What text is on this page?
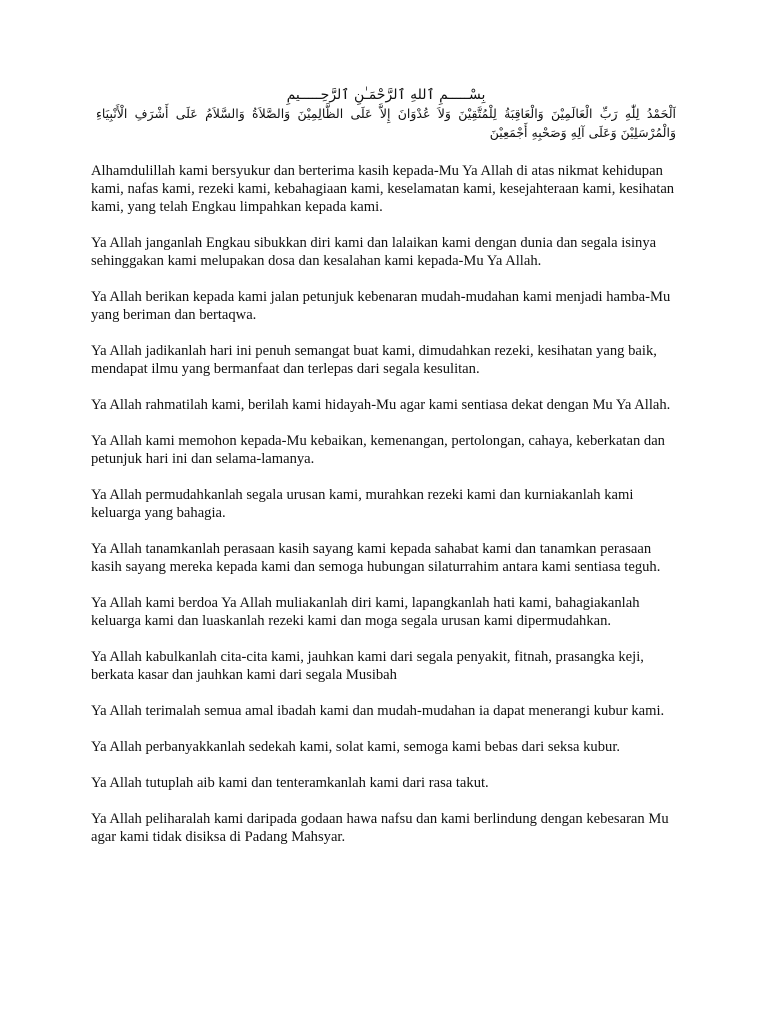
بِسْـــــمِ ٱللهِ ٱلرَّحْمَـٰنِ ٱلرَّحِـــــيمِ

اَلْحَمْدُ لِلّٰهِ رَبِّ الْعَالَمِيْنَ وَالْعَاقِبَةُ لِلْمُتَّقِيْنَ وَلاَ عُدْوَانَ إِلاَّ عَلَى الظَّالِمِيْنَ وَالصَّلاَةُ وَالسَّلاَمُ عَلَى أَشْرَفِ الْأَنْبِيَاءِ وَالْمُرْسَلِيْنَ وَعَلَى آلِهِ وَصَحْبِهِ أَجْمَعِيْنَ

Alhamdulillah kami bersyukur dan berterima kasih kepada-Mu Ya Allah di atas nikmat kehidupan kami, nafas kami, rezeki kami, kebahagiaan kami, keselamatan kami, kesejahteraan kami, kesihatan kami, yang telah Engkau limpahkan kepada kami.

Ya Allah janganlah Engkau sibukkan diri kami dan lalaikan kami dengan dunia dan segala isinya sehinggakan kami melupakan dosa dan kesalahan kami kepada-Mu Ya Allah.

Ya Allah berikan kepada kami jalan petunjuk kebenaran mudah-mudahan kami menjadi hamba-Mu yang beriman dan bertaqwa.

Ya Allah jadikanlah hari ini penuh semangat buat kami, dimudahkan rezeki, kesihatan yang baik, mendapat ilmu yang bermanfaat dan terlepas dari segala kesulitan.

Ya Allah rahmatilah kami, berilah kami hidayah-Mu agar kami sentiasa dekat dengan Mu Ya Allah.

Ya Allah kami memohon kepada-Mu kebaikan, kemenangan, pertolongan, cahaya, keberkatan dan petunjuk hari ini dan selama-lamanya.

Ya Allah permudahkanlah segala urusan kami, murahkan rezeki kami dan kurniakanlah kami keluarga yang bahagia.

Ya Allah tanamkanlah perasaan kasih sayang kami kepada sahabat kami dan tanamkan perasaan kasih sayang mereka kepada kami dan semoga hubungan silaturrahim antara kami sentiasa teguh.

Ya Allah kami berdoa Ya Allah muliakanlah diri kami, lapangkanlah hati kami, bahagiakanlah keluarga kami dan luaskanlah rezeki kami dan moga segala urusan kami dipermudahkan.

Ya Allah kabulkanlah cita-cita kami, jauhkan kami dari segala penyakit, fitnah, prasangka keji, berkata kasar dan jauhkan kami dari segala Musibah

Ya Allah terimalah semua amal ibadah kami dan mudah-mudahan ia dapat menerangi kubur kami.

Ya Allah perbanyakkanlah sedekah kami, solat kami, semoga kami bebas dari seksa kubur.

Ya Allah tutuplah aib kami dan tenteramkanlah kami dari rasa takut.

Ya Allah peliharalah kami daripada godaan hawa nafsu dan kami berlindung dengan kebesaran Mu agar kami tidak disiksa di Padang Mahsyar.
